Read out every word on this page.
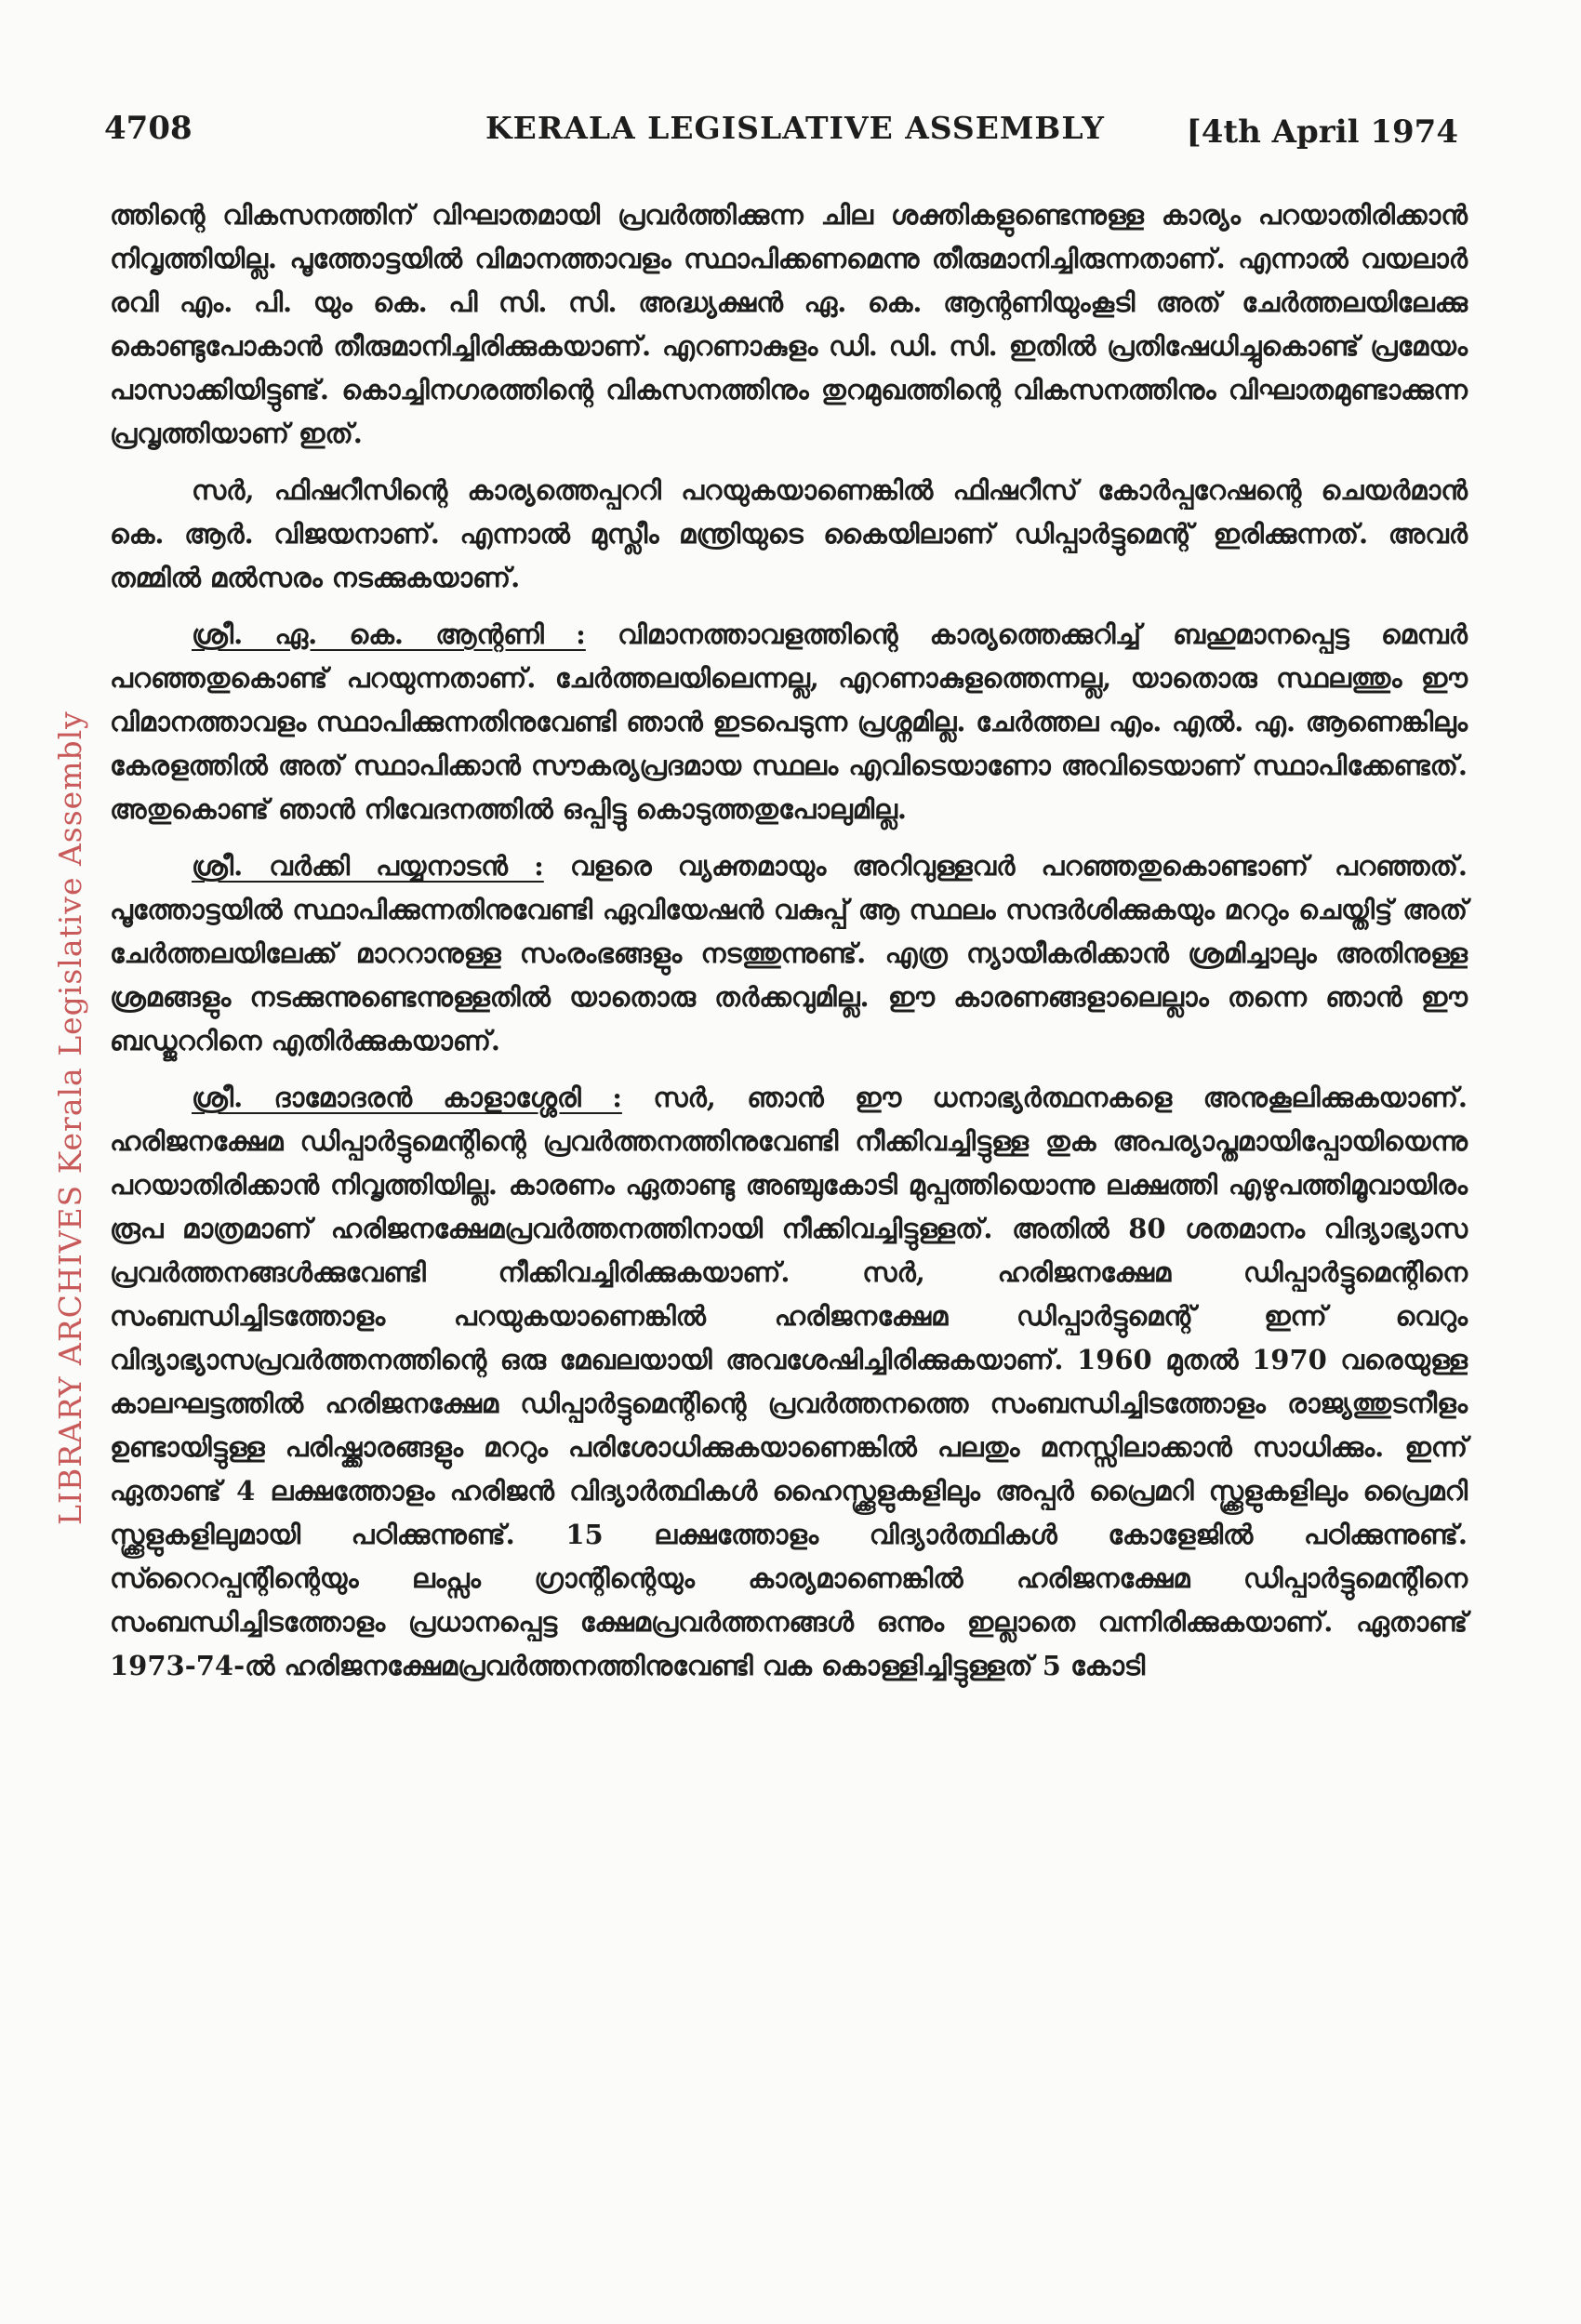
LIBRARY ARCHIVES Kerala Legislative Assembly
4708	KERALA LEGISLATIVE ASSEMBLY	[4th April 1974

ത്തിന്റെ വികസനത്തിന് വിഘാതമായി പ്രവർത്തിക്കുന്ന ചില ശക്തികളുണ്ടെന്നുള്ള കാര്യം പറയാതിരിക്കാൻ നിവൃത്തിയില്ല. പൂത്തോട്ടയിൽ വിമാനത്താവളം സ്ഥാപിക്കണമെന്നു തീരുമാനിച്ചിരുന്നതാണ്. എന്നാൽ വയലാർ രവി എം. പി. യും കെ. പി സി. സി. അദ്ധ്യക്ഷൻ ഏ. കെ. ആന്റണിയുംകൂടി അത് ചേർത്തലയിലേക്കു കൊണ്ടുപോകാൻ തീരുമാനിച്ചിരിക്കുകയാണ്. എറണാകുളം ഡി. ഡി. സി. ഇതിൽ പ്രതിഷേധിച്ചുകൊണ്ട് പ്രമേയം പാസാക്കിയിട്ടുണ്ട്. കൊച്ചിനഗരത്തിന്റെ വികസനത്തിനും തുറമുഖത്തിന്റെ വികസനത്തിനും വിഘാതമുണ്ടാക്കുന്ന പ്രവൃത്തിയാണ് ഇത്.

സർ, ഫിഷറീസിന്റെ കാര്യത്തെപ്പററി പറയുകയാണെങ്കിൽ ഫിഷറീസ് കോർപ്പറേഷന്റെ ചെയർമാൻ കെ. ആർ. വിജയനാണ്. എന്നാൽ മുസ്ലീം മന്ത്രിയുടെ കൈയിലാണ് ഡിപ്പാർട്ടുമെന്റ് ഇരിക്കുന്നത്. അവർ തമ്മിൽ മൽസരം നടക്കുകയാണ്.

ശ്രീ. ഏ. കെ. ആന്റണി : വിമാനത്താവളത്തിന്റെ കാര്യത്തെക്കുറിച്ച് ബഹുമാനപ്പെട്ട മെമ്പർ പറഞ്ഞതുകൊണ്ട് പറയുന്നതാണ്. ചേർത്തലയിലെന്നല്ല, എറണാകുളത്തെന്നല്ല, യാതൊരു സ്ഥലത്തും ഈ വിമാനത്താവളം സ്ഥാപിക്കുന്നതിനുവേണ്ടി ഞാൻ ഇടപെടുന്ന പ്രശ്നമില്ല. ചേർത്തല എം. എൽ. എ. ആണെങ്കിലും കേരളത്തിൽ അത് സ്ഥാപിക്കാൻ സൗകര്യപ്രദമായ സ്ഥലം എവിടെയാണോ അവിടെയാണ് സ്ഥാപിക്കേണ്ടത്. അതുകൊണ്ട് ഞാൻ നിവേദനത്തിൽ ഒപ്പിട്ടു കൊടുത്തതുപോലുമില്ല.

ശ്രീ. വർക്കി പയ്യനാടൻ : വളരെ വ്യക്തമായും അറിവുള്ളവർ പറഞ്ഞതുകൊണ്ടാണ് പറഞ്ഞത്. പൂത്തോട്ടയിൽ സ്ഥാപിക്കുന്നതിനുവേണ്ടി ഏവിയേഷൻ വകുപ്പ് ആ സ്ഥലം സന്ദർശിക്കുകയും മററും ചെയ്തിട്ട് അത് ചേർത്തലയിലേക്ക് മാററാനുള്ള സംരംഭങ്ങളും നടത്തുന്നുണ്ട്. എത്ര ന്യായീകരിക്കാൻ ശ്രമിച്ചാലും അതിനുള്ള ശ്രമങ്ങളും നടക്കുന്നുണ്ടെന്നുള്ളതിൽ യാതൊരു തർക്കവുമില്ല. ഈ കാരണങ്ങളാലെല്ലാം തന്നെ ഞാൻ ഈ ബഡ്ജററിനെ എതിർക്കുകയാണ്.

ശ്രീ. ദാമോദരൻ കാളാശ്ശേരി : സർ, ഞാൻ ഈ ധനാഭ്യർത്ഥനകളെ അനുകൂലിക്കുകയാണ്. ഹരിജനക്ഷേമ ഡിപ്പാർട്ടുമെന്റിന്റെ പ്രവർത്തനത്തിനുവേണ്ടി നീക്കിവച്ചിട്ടുള്ള തുക അപര്യാപ്തമായിപ്പോയിയെന്നു പറയാതിരിക്കാൻ നിവൃത്തിയില്ല. കാരണം ഏതാണ്ടു അഞ്ചുകോടി മുപ്പത്തിയൊന്നു ലക്ഷത്തി എഴുപത്തിമൂവായിരം രൂപ മാത്രമാണ് ഹരിജനക്ഷേമപ്രവർത്തനത്തിനായി നീക്കിവച്ചിട്ടുള്ളത്. അതിൽ 80 ശതമാനം വിദ്യാഭ്യാസ പ്രവർത്തനങ്ങൾക്കുവേണ്ടി നീക്കിവച്ചിരിക്കുകയാണ്. സർ, ഹരിജനക്ഷേമ ഡിപ്പാർട്ടുമെന്റിനെ സംബന്ധിച്ചിടത്തോളം പറയുകയാണെങ്കിൽ ഹരിജനക്ഷേമ ഡിപ്പാർട്ടുമെന്റ് ഇന്ന് വെറും വിദ്യാഭ്യാസപ്രവർത്തനത്തിന്റെ ഒരു മേഖലയായി അവശേഷിച്ചിരിക്കുകയാണ്. 1960 മുതൽ 1970 വരെയുള്ള കാലഘട്ടത്തിൽ ഹരിജനക്ഷേമ ഡിപ്പാർട്ടുമെന്റിന്റെ പ്രവർത്തനത്തെ സംബന്ധിച്ചിടത്തോളം രാജ്യത്തുടനീളം ഉണ്ടായിട്ടുള്ള പരിഷ്ക്കാരങ്ങളും മററും പരിശോധിക്കുകയാണെങ്കിൽ പലതും മനസ്സിലാക്കാൻ സാധിക്കും. ഇന്ന് ഏതാണ്ട് 4 ലക്ഷത്തോളം ഹരിജൻ വിദ്യാർത്ഥികൾ ഹൈസ്ക്കൂളുകളിലും അപ്പർ പ്രൈമറി സ്ക്കൂളുകളിലും പ്രൈമറി സ്ക്കൂളുകളിലുമായി പഠിക്കുന്നുണ്ട്. 15 ലക്ഷത്തോളം വിദ്യാർത്ഥികൾ കോളേജിൽ പഠിക്കുന്നുണ്ട്. സ്റൈറപ്പന്റിന്റെയും ലംപ്സം ഗ്രാന്റിന്റെയും കാര്യമാണെങ്കിൽ ഹരിജനക്ഷേമ ഡിപ്പാർട്ടുമെന്റിനെ സംബന്ധിച്ചിടത്തോളം പ്രധാനപ്പെട്ട ക്ഷേമപ്രവർത്തനങ്ങൾ ഒന്നും ഇല്ലാതെ വന്നിരിക്കുകയാണ്. ഏതാണ്ട് 1973-74-ൽ ഹരിജനക്ഷേമപ്രവർത്തനത്തിനുവേണ്ടി വക കൊള്ളിച്ചിട്ടുള്ളത് 5 കോടി
